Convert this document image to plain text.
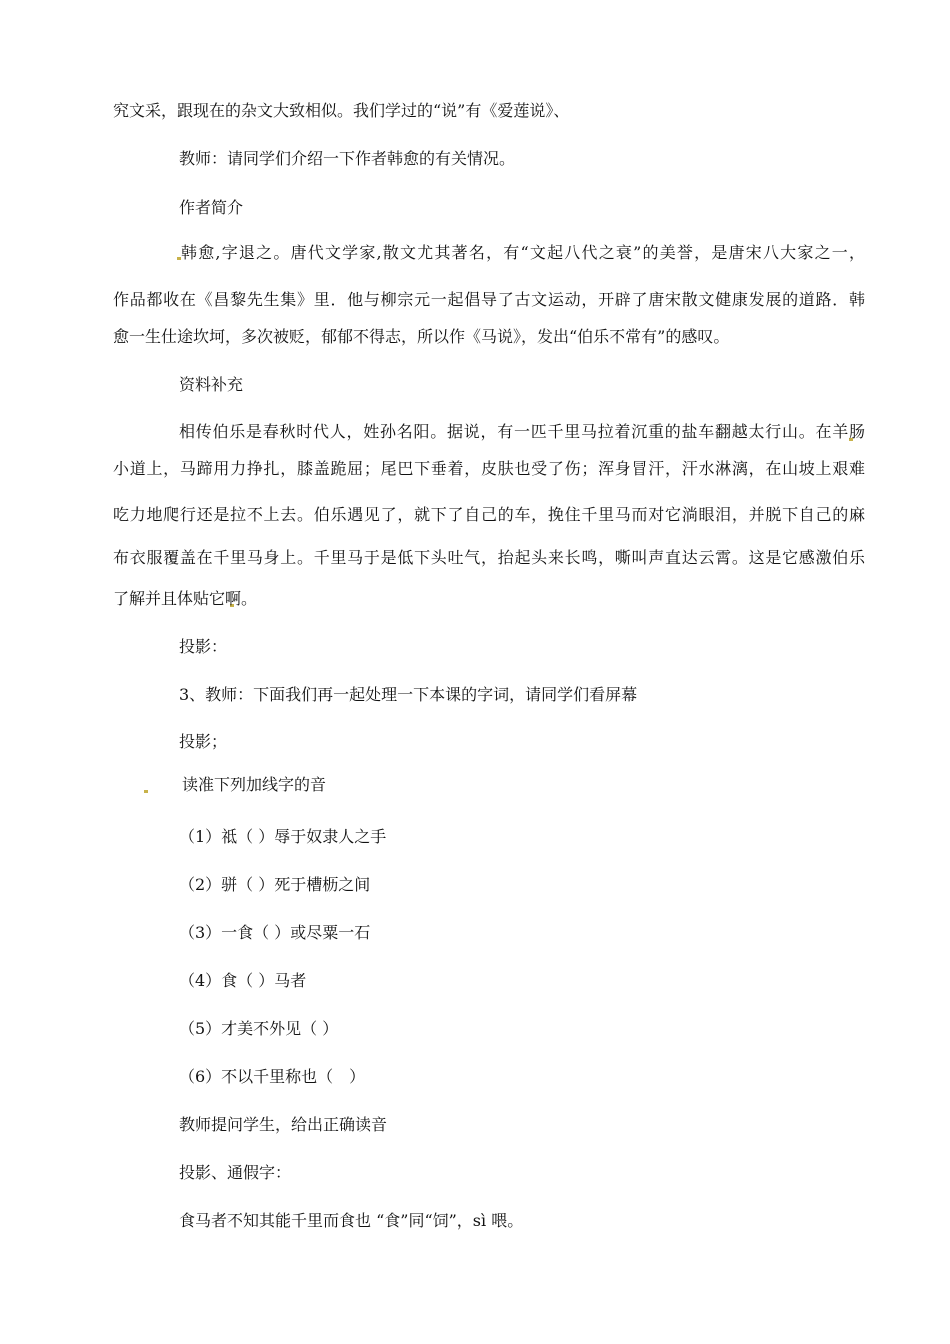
究文采，跟现在的杂文大致相似。我们学过的“说”有《爱莲说》、

教师：请同学们介绍一下作者韩愈的有关情况。

作者简介

韩愈,字退之。唐代文学家,散文尤其著名，有“文起八代之衰”的美誉，是唐宋八大家之一，

作品都收在《昌黎先生集》里．他与柳宗元一起倡导了古文运动，开辟了唐宋散文健康发展的道路．韩

愈一生仕途坎坷，多次被贬，郁郁不得志，所以作《马说》，发出“伯乐不常有”的感叹。

资料补充

相传伯乐是春秋时代人，姓孙名阳。据说，有一匹千里马拉着沉重的盐车翻越太行山。在羊肠

小道上，马蹄用力挣扎，膝盖跪屈；尾巴下垂着，皮肤也受了伤；浑身冒汗，汗水淋漓，在山坡上艰难

吃力地爬行还是拉不上去。伯乐遇见了，就下了自己的车，挽住千里马而对它淌眼泪，并脱下自己的麻

布衣服覆盖在千里马身上。千里马于是低下头吐气，抬起头来长鸣，嘶叫声直达云霄。这是它感激伯乐

了解并且体贴它啊。

投影：

3、教师：下面我们再一起处理一下本课的字词，请同学们看屏幕

投影；

读准下列加线字的音

（1）祗（ ）辱于奴隶人之手

（2）骈（ ）死于槽枥之间

（3）一食（ ）或尽粟一石

（4）食（ ）马者

（5）才美不外见（ ）

（6）不以千里称也（　）

教师提问学生，给出正确读音

投影、通假字：

食马者不知其能千里而食也 “食”同“饲”，sì 喂。
